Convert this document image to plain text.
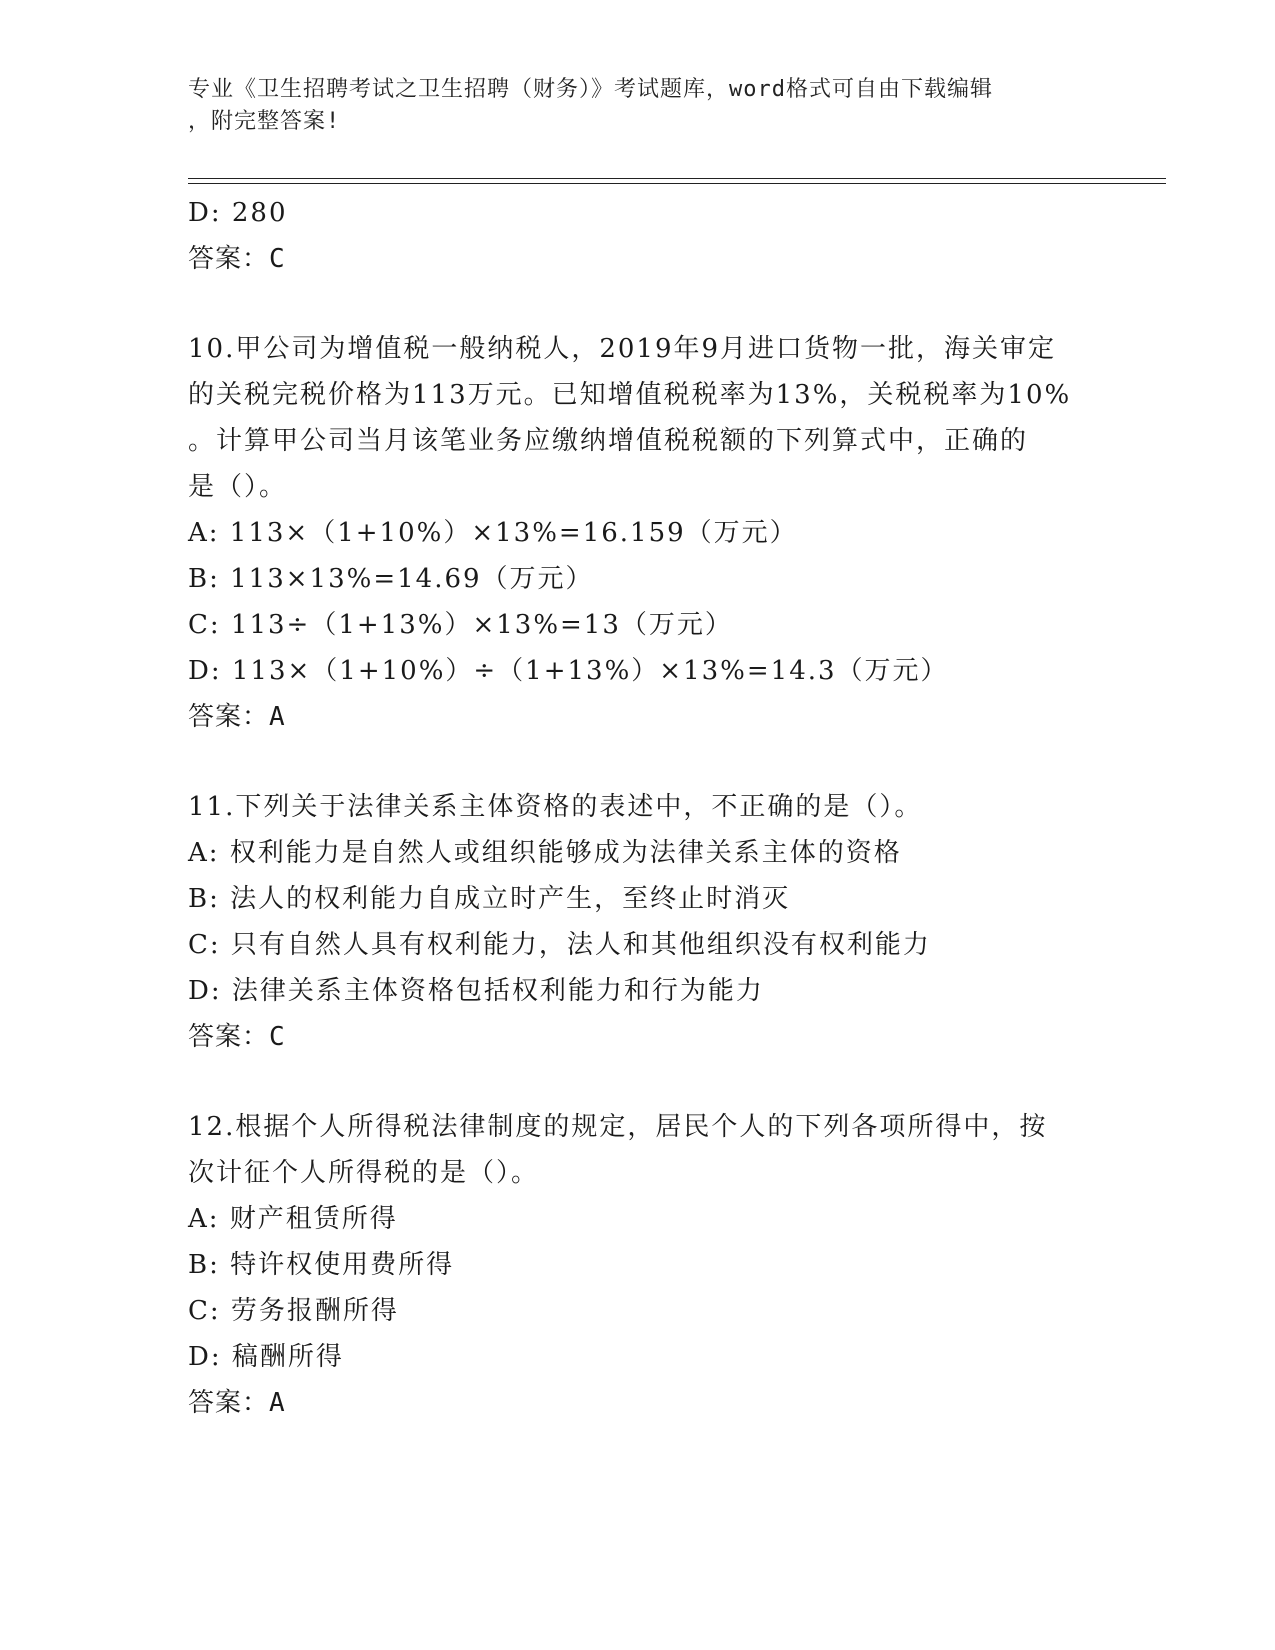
专业《卫生招聘考试之卫生招聘（财务）》考试题库，word格式可自由下载编辑
，附完整答案!
D: 280
答案：C
10.甲公司为增值税一般纳税人，2019年9月进口货物一批，海关审定
的关税完税价格为113万元。已知增值税税率为13%，关税税率为10%
。计算甲公司当月该笔业务应缴纳增值税税额的下列算式中，正确的
是（）。
A: 113×（1+10%）×13%=16.159（万元）
B: 113×13%=14.69（万元）
C: 113÷（1+13%）×13%=13（万元）
D: 113×（1+10%）÷（1+13%）×13%=14.3（万元）
答案：A
11.下列关于法律关系主体资格的表述中，不正确的是（）。
A: 权利能力是自然人或组织能够成为法律关系主体的资格
B: 法人的权利能力自成立时产生，至终止时消灭
C: 只有自然人具有权利能力，法人和其他组织没有权利能力
D: 法律关系主体资格包括权利能力和行为能力
答案：C
12.根据个人所得税法律制度的规定，居民个人的下列各项所得中，按
次计征个人所得税的是（）。
A: 财产租赁所得
B: 特许权使用费所得
C: 劳务报酬所得
D: 稿酬所得
答案：A
